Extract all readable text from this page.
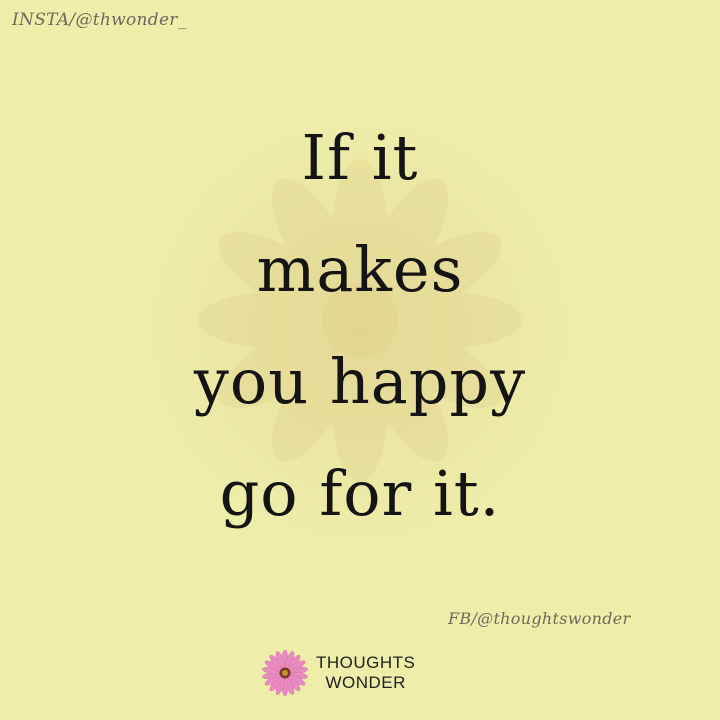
INSTA/@thwonder_
If it
makes
you happy
go for it.
FB/@thoughtswonder
THOUGHTS
WONDER
